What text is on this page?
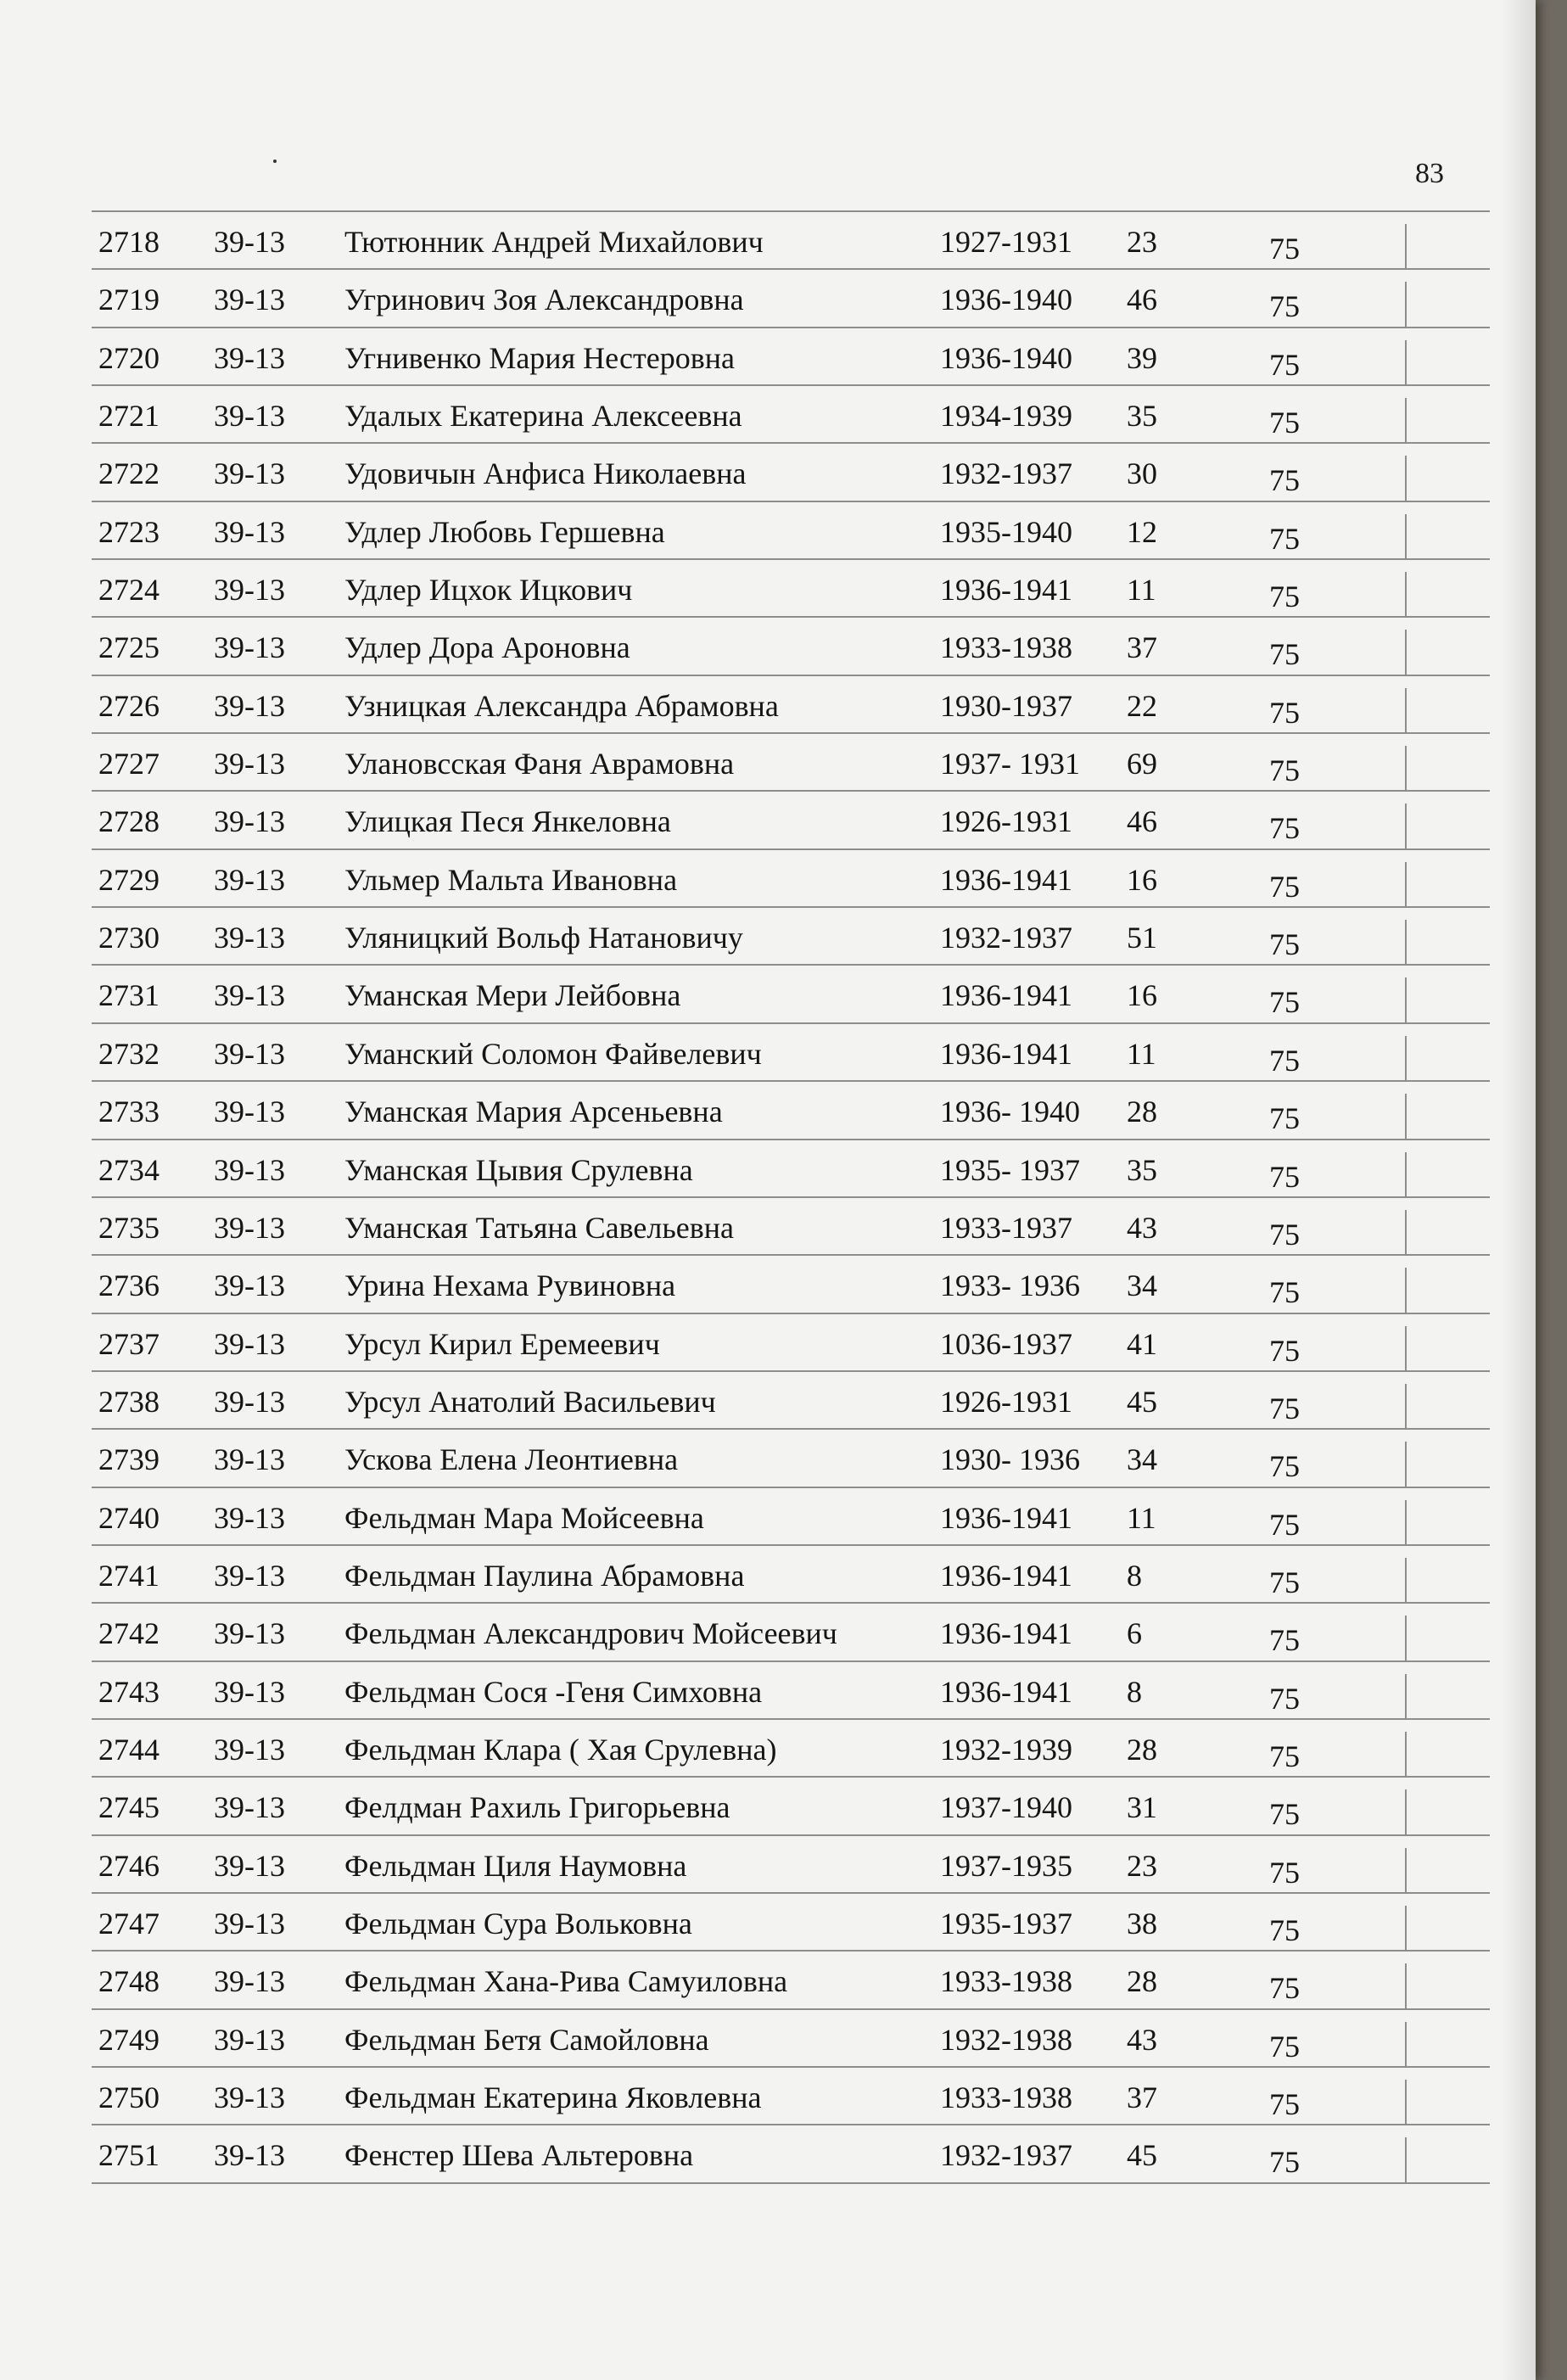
83
2718 39-13 Тютюнник Андрей Михайлович	1927-1931 23	75
2719 39-13 Угринович Зоя Александровна	1936-1940 46	75
2720 39-13 Угнивенко Мария Нестеровна	1936-1940 39	75
2721 39-13 Удалых Екатерина Алексеевна	1934-1939 35	75
2722 39-13 Удовичын Анфиса Николаевна	1932-1937 30	75
2723 39-13 Удлер Любовь Гершевна	1935-1940 12	75
2724 39-13 Удлер Ицхок Ицкович	1936-1941 11	75
2725 39-13 Удлер Дора Ароновна	1933-1938 37	75
2726 39-13 Узницкая Александра Абрамовна	1930-1937 22	75
2727 39-13 Улановсская Фаня Аврамовна	1937- 1931 69	75
2728 39-13 Улицкая Песя Янкеловна	1926-1931 46	75
2729 39-13 Ульмер Мальта Ивановна	1936-1941 16	75
2730 39-13 Уляницкий Вольф Натановичу	1932-1937 51	75
2731 39-13 Уманская Мери Лейбовна	1936-1941 16	75
2732 39-13 Уманский Соломон Файвелевич	1936-1941 11	75
2733 39-13 Уманская Мария Арсеньевна	1936- 1940 28	75
2734 39-13 Уманская Цывия Срулевна	1935- 1937 35	75
2735 39-13 Уманская Татьяна Савельевна	1933-1937 43	75
2736 39-13 Урина Нехама Рувиновна	1933- 1936 34	75
2737 39-13 Урсул Кирил Еремеевич	1036-1937 41	75
2738 39-13 Урсул Анатолий Васильевич	1926-1931 45	75
2739 39-13 Ускова Елена Леонтиевна	1930- 1936 34	75
2740 39-13 Фельдман Мара Мойсеевна	1936-1941 11	75
2741 39-13 Фельдман Паулина Абрамовна	1936-1941 8	75
2742 39-13 Фельдман Александрович Мойсеевич	1936-1941 6	75
2743 39-13 Фельдман Сося -Геня Симховна	1936-1941 8	75
2744 39-13 Фельдман Клара ( Хая Срулевна)	1932-1939 28	75
2745 39-13 Фелдман Рахиль Григорьевна	1937-1940 31	75
2746 39-13 Фельдман Циля Наумовна	1937-1935 23	75
2747 39-13 Фельдман Сура Вольковна	1935-1937 38	75
2748 39-13 Фельдман Хана-Рива Самуиловна	1933-1938 28	75
2749 39-13 Фельдман Бетя Самойловна	1932-1938 43	75
2750 39-13 Фельдман Екатерина Яковлевна	1933-1938 37	75
2751 39-13 Фенстер Шева Альтеровна	1932-1937 45	75
